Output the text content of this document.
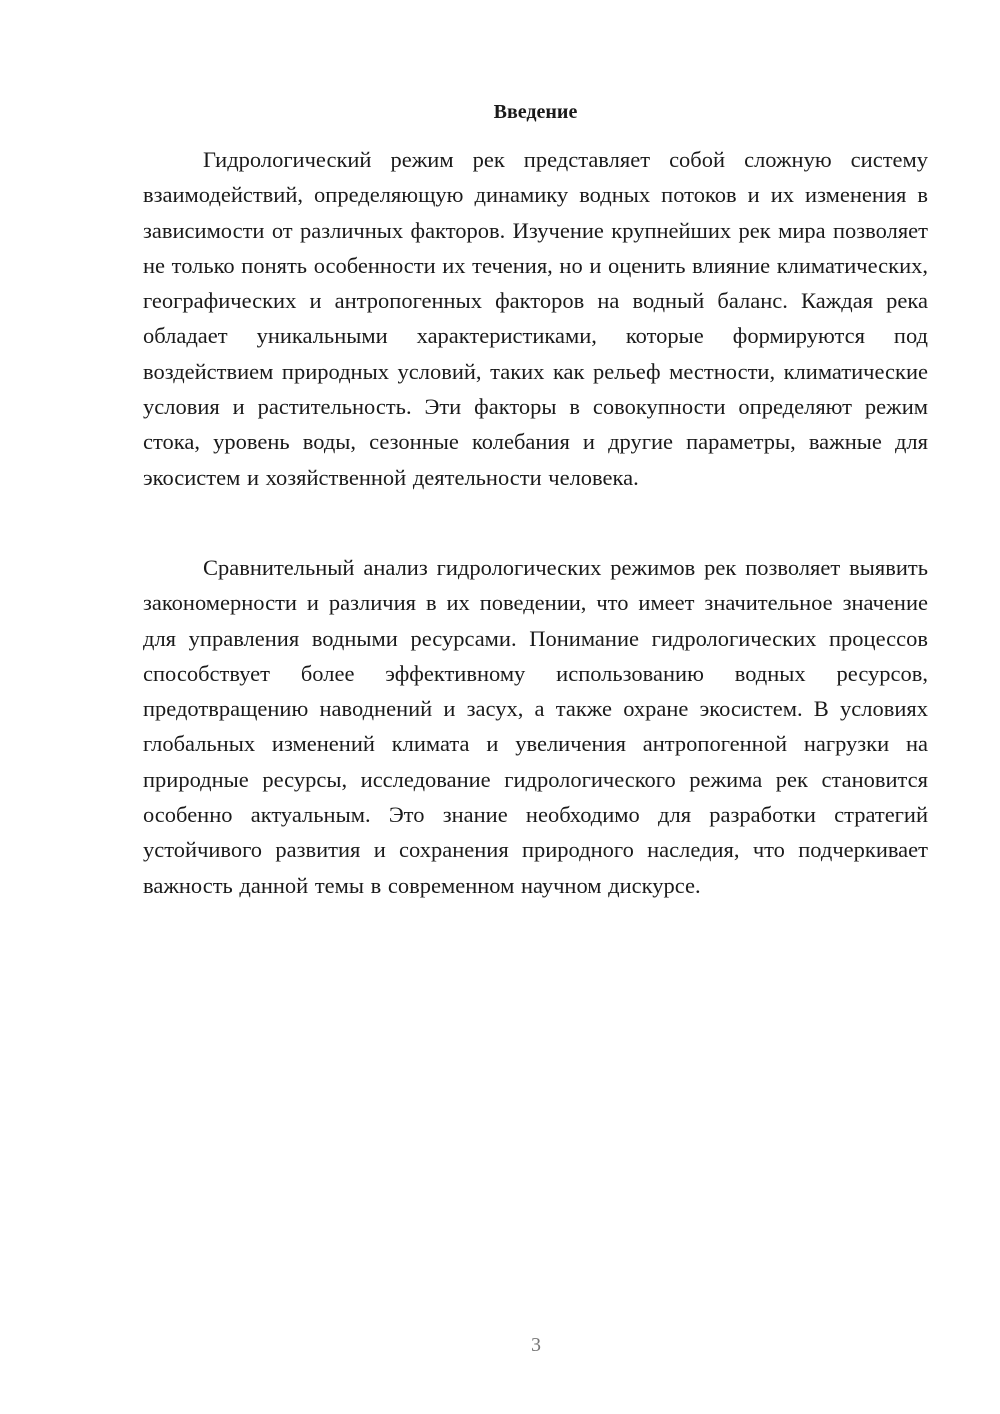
Введение

Гидрологический режим рек представляет собой сложную систему взаимодействий, определяющую динамику водных потоков и их изменения в зависимости от различных факторов. Изучение крупнейших рек мира позволяет не только понять особенности их течения, но и оценить влияние климатических, географических и антропогенных факторов на водный баланс. Каждая река обладает уникальными характеристиками, которые формируются под воздействием природных условий, таких как рельеф местности, климатические условия и растительность. Эти факторы в совокупности определяют режим стока, уровень воды, сезонные колебания и другие параметры, важные для экосистем и хозяйственной деятельности человека.

Сравнительный анализ гидрологических режимов рек позволяет выявить закономерности и различия в их поведении, что имеет значительное значение для управления водными ресурсами. Понимание гидрологических процессов способствует более эффективному использованию водных ресурсов, предотвращению наводнений и засух, а также охране экосистем. В условиях глобальных изменений климата и увеличения антропогенной нагрузки на природные ресурсы, исследование гидрологического режима рек становится особенно актуальным. Это знание необходимо для разработки стратегий устойчивого развития и сохранения природного наследия, что подчеркивает важность данной темы в современном научном дискурсе.

3
